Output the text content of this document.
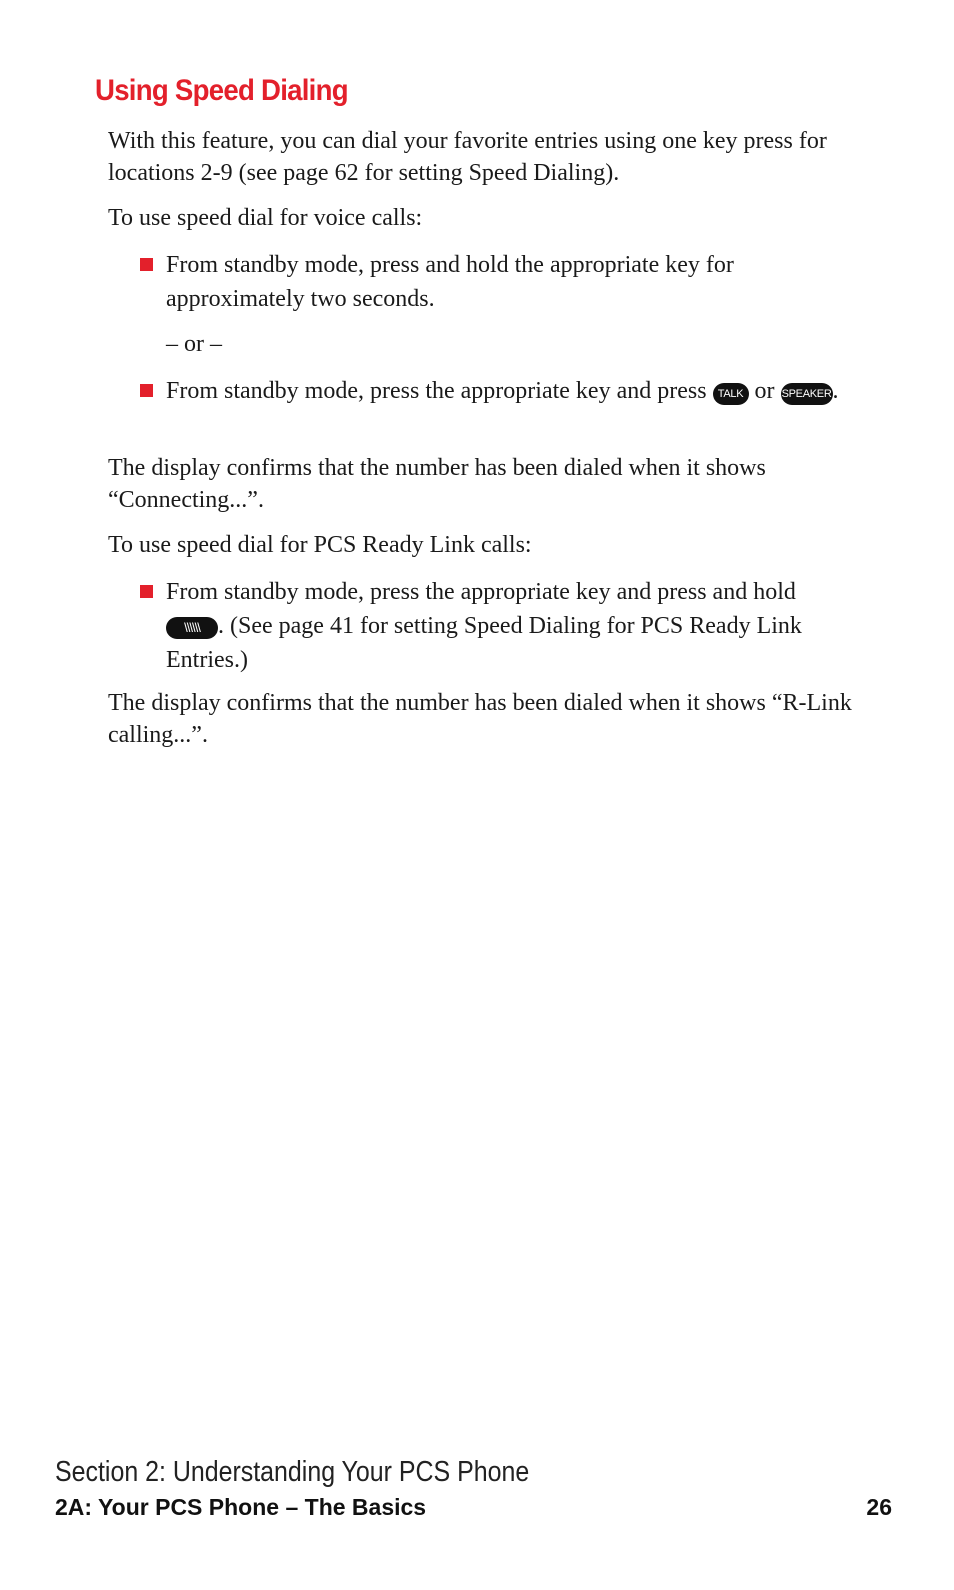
Using Speed Dialing

With this feature, you can dial your favorite entries using one key press for locations 2-9 (see page 62 for setting Speed Dialing).

To use speed dial for voice calls:

From standby mode, press and hold the appropriate key for approximately two seconds.

– or –

From standby mode, press the appropriate key and press TALK or SPEAKER.

The display confirms that the number has been dialed when it shows “Connecting...”.

To use speed dial for PCS Ready Link calls:

From standby mode, press the appropriate key and press and hold \\\\\\ . (See page 41 for setting Speed Dialing for PCS Ready Link Entries.)

The display confirms that the number has been dialed when it shows “R-Link calling...”.

Section 2: Understanding Your PCS Phone

2A: Your PCS Phone – The Basics	26
